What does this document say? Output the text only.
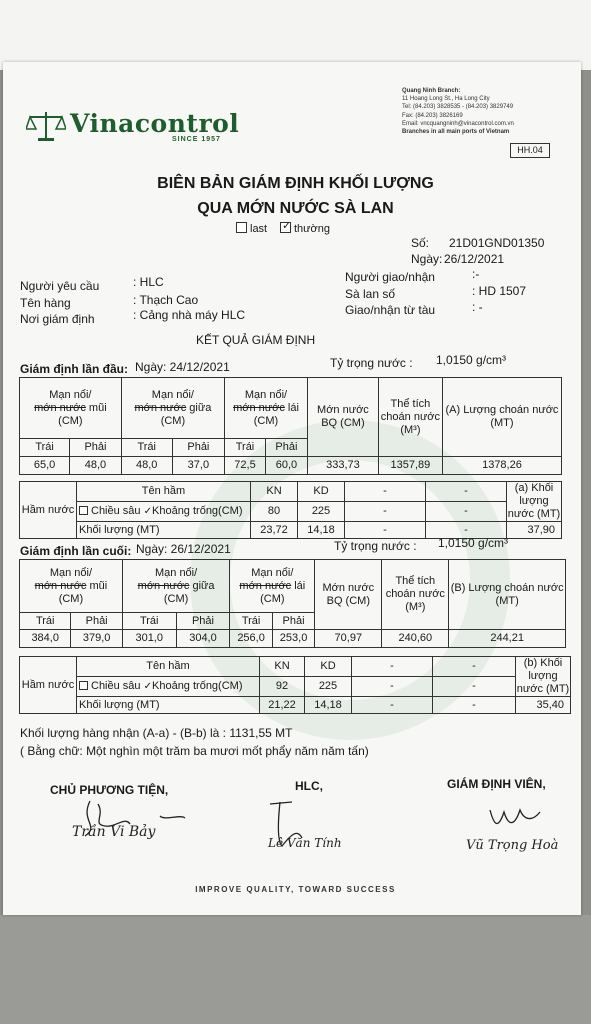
Vinacontrol
SINCE 1957
Quang Ninh Branch:
11 Hoang Long St., Ha Long City
Tel: (84.203) 3828535 - (84.203) 3829749
Fax: (84.203) 3826169
Email: vncquangninh@vinacontrol.com.vn
Branches in all main ports of Vietnam
HH.04
BIÊN BẢN GIÁM ĐỊNH KHỐI LƯỢNG
QUA MỚN NƯỚC SÀ LAN
last ✓ thường
Số: 21D01GND01350
Ngày: 26/12/2021
Người yêu cầu	: HLC
Tên hàng	: Thạch Cao
Nơi giám định	: Cảng nhà máy HLC
Người giao/nhận	:-
Sà lan số	: HD 1507
Giao/nhận từ tàu	: -
KẾT QUẢ GIÁM ĐỊNH
Giám định lần đầu: Ngày: 24/12/2021	Tỷ trọng nước : 1,0150 g/cm³
Mạn nổi/
mớn nước mũi
(CM)		Mạn nổi/
mớn nước giữa
(CM)		Mạn nổi/
mớn nước lái
(CM)		Mớn nước BQ (CM)	Thể tích choán nước
(M³)	(A) Lượng choán nước (MT)
Trái	Phải	Trái	Phải	Trái	Phải			
65,0	48,0	48,0	37,0	72,5	60,0	333,73	1357,89	1378,26
Hầm nước	Tên hầm	KN	KD	-	-	(a) Khối lượng nước (MT)
	Chiều sâu ✓Khoảng trống(CM)	80	225	-	-	
	Khối lượng (MT)	23,72	14,18	-	-	37,90
Giám định lần cuối: Ngày: 26/12/2021	Tỷ trọng nước : 1,0150 g/cm³
Mạn nổi/
mớn nước mũi
(CM)		Mạn nổi/
mớn nước giữa
(CM)		Mạn nổi/
mớn nước lái
(CM)		Mớn nước BQ (CM)	Thể tích choán nước
(M³)	(B) Lượng choán nước (MT)
Trái	Phải	Trái	Phải	Trái	Phải			
384,0	379,0	301,0	304,0	256,0	253,0	70,97	240,60	244,21
Hầm nước	Tên hầm	KN	KD	-	-	(b) Khối lượng nước (MT)
	Chiều sâu ✓Khoảng trống(CM)	92	225	-	-	
	Khối lượng (MT)	21,22	14,18	-	-	35,40
Khối lượng hàng nhận (A-a) - (B-b) là : 1131,55 MT
( Bằng chữ: Một nghìn một trăm ba mươi mốt phẩy năm năm tấn)
CHỦ PHƯƠNG TIỆN,	HLC,	GIÁM ĐỊNH VIÊN,
Trần Vi Bảy
Lê Văn Tính	Vũ Trọng Hoà
IMPROVE QUALITY, TOWARD SUCCESS
